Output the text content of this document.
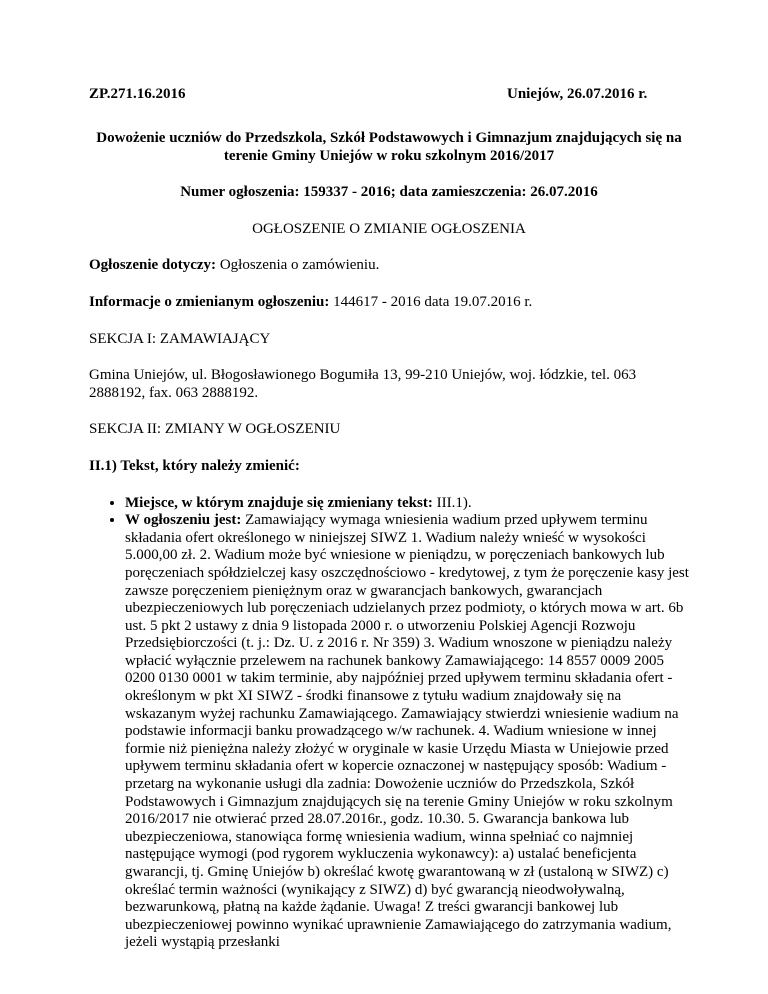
ZP.271.16.2016	Uniejów, 26.07.2016 r.

Dowożenie uczniów do Przedszkola, Szkół Podstawowych i Gimnazjum znajdujących się na terenie Gminy Uniejów w roku szkolnym 2016/2017

Numer ogłoszenia: 159337 - 2016; data zamieszczenia: 26.07.2016

OGŁOSZENIE O ZMIANIE OGŁOSZENIA

Ogłoszenie dotyczy: Ogłoszenia o zamówieniu.

Informacje o zmienianym ogłoszeniu: 144617 - 2016 data 19.07.2016 r.

SEKCJA I: ZAMAWIAJĄCY

Gmina Uniejów, ul. Błogosławionego Bogumiła 13, 99-210 Uniejów, woj. łódzkie, tel. 063 2888192, fax. 063 2888192.

SEKCJA II: ZMIANY W OGŁOSZENIU

II.1) Tekst, który należy zmienić:

• Miejsce, w którym znajduje się zmieniany tekst: III.1).
• W ogłoszeniu jest: Zamawiający wymaga wniesienia wadium przed upływem terminu składania ofert określonego w niniejszej SIWZ 1. Wadium należy wnieść w wysokości 5.000,00 zł. 2. Wadium może być wniesione w pieniądzu, w poręczeniach bankowych lub poręczeniach spółdzielczej kasy oszczędnościowo - kredytowej, z tym że poręczenie kasy jest zawsze poręczeniem pieniężnym oraz w gwarancjach bankowych, gwarancjach ubezpieczeniowych lub poręczeniach udzielanych przez podmioty, o których mowa w art. 6b ust. 5 pkt 2 ustawy z dnia 9 listopada 2000 r. o utworzeniu Polskiej Agencji Rozwoju Przedsiębiorczości (t. j.: Dz. U. z 2016 r. Nr 359) 3. Wadium wnoszone w pieniądzu należy wpłacić wyłącznie przelewem na rachunek bankowy Zamawiającego: 14 8557 0009 2005 0200 0130 0001 w takim terminie, aby najpóźniej przed upływem terminu składania ofert - określonym w pkt XI SIWZ - środki finansowe z tytułu wadium znajdowały się na wskazanym wyżej rachunku Zamawiającego. Zamawiający stwierdzi wniesienie wadium na podstawie informacji banku prowadzącego w/w rachunek. 4. Wadium wniesione w innej formie niż pieniężna należy złożyć w oryginale w kasie Urzędu Miasta w Uniejowie przed upływem terminu składania ofert w kopercie oznaczonej w następujący sposób: Wadium - przetarg na wykonanie usługi dla zadnia: Dowożenie uczniów do Przedszkola, Szkół Podstawowych i Gimnazjum znajdujących się na terenie Gminy Uniejów w roku szkolnym 2016/2017 nie otwierać przed 28.07.2016r., godz. 10.30. 5. Gwarancja bankowa lub ubezpieczeniowa, stanowiąca formę wniesienia wadium, winna spełniać co najmniej następujące wymogi (pod rygorem wykluczenia wykonawcy): a) ustalać beneficjenta gwarancji, tj. Gminę Uniejów b) określać kwotę gwarantowaną w zł (ustaloną w SIWZ) c) określać termin ważności (wynikający z SIWZ) d) być gwarancją nieodwoływalną, bezwarunkową, płatną na każde żądanie. Uwaga! Z treści gwarancji bankowej lub ubezpieczeniowej powinno wynikać uprawnienie Zamawiającego do zatrzymania wadium, jeżeli wystąpią przesłanki
